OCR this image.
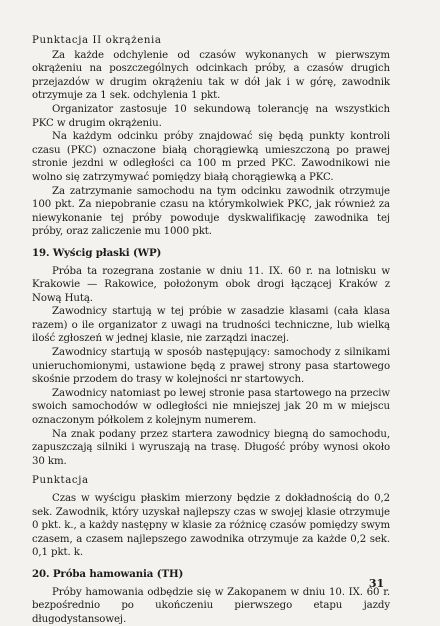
Punktacja II okrążenia

Za każde odchylenie od czasów wykonanych w pierwszym okrążeniu na poszczególnych odcinkach próby, a czasów drugich przejazdów w drugim okrążeniu tak w dół jak i w górę, zawodnik otrzymuje za 1 sek. odchylenia 1 pkt.

Organizator zastosuje 10 sekundową tolerancję na wszystkich PKC w drugim okrążeniu.

Na każdym odcinku próby znajdować się będą punkty kontroli czasu (PKC) oznaczone białą chorągiewką umieszczoną po prawej stronie jezdni w odległości ca 100 m przed PKC. Zawodnikowi nie wolno się zatrzymywać pomiędzy białą chorągiewką a PKC.

Za zatrzymanie samochodu na tym odcinku zawodnik otrzymuje 100 pkt. Za niepobranie czasu na którymkolwiek PKC, jak również za niewykonanie tej próby powoduje dyskwalifikację zawodnika tej próby, oraz zaliczenie mu 1000 pkt.

19. Wyścig płaski (WP)

Próba ta rozegrana zostanie w dniu 11. IX. 60 r. na lotnisku w Krakowie — Rakowice, położonym obok drogi łączącej Kraków z Nową Hutą.

Zawodnicy startują w tej próbie w zasadzie klasami (cała klasa razem) o ile organizator z uwagi na trudności techniczne, lub wielką ilość zgłoszeń w jednej klasie, nie zarządzi inaczej.

Zawodnicy startują w sposób następujący: samochody z silnikami unieruchomionymi, ustawione będą z prawej strony pasa startowego skośnie przodem do trasy w kolejności nr startowych.

Zawodnicy natomiast po lewej stronie pasa startowego na przeciw swoich samochodów w odległości nie mniejszej jak 20 m w miejscu oznaczonym półkolem z kolejnym numerem.

Na znak podany przez startera zawodnicy biegną do samochodu, zapuszczają silniki i wyruszają na trasę. Długość próby wynosi około 30 km.

Punktacja

Czas w wyścigu płaskim mierzony będzie z dokładnością do 0,2 sek. Zawodnik, który uzyskał najlepszy czas w swojej klasie otrzymuje 0 pkt. k., a każdy następny w klasie za różnicę czasów pomiędzy swym czasem, a czasem najlepszego zawodnika otrzymuje za każde 0,2 sek. 0,1 pkt. k.

20. Próba hamowania (TH)

Próby hamowania odbędzie się w Zakopanem w dniu 10. IX. 60 r. bezpośrednio po ukończeniu pierwszego etapu jazdy długodystansowej.

31
